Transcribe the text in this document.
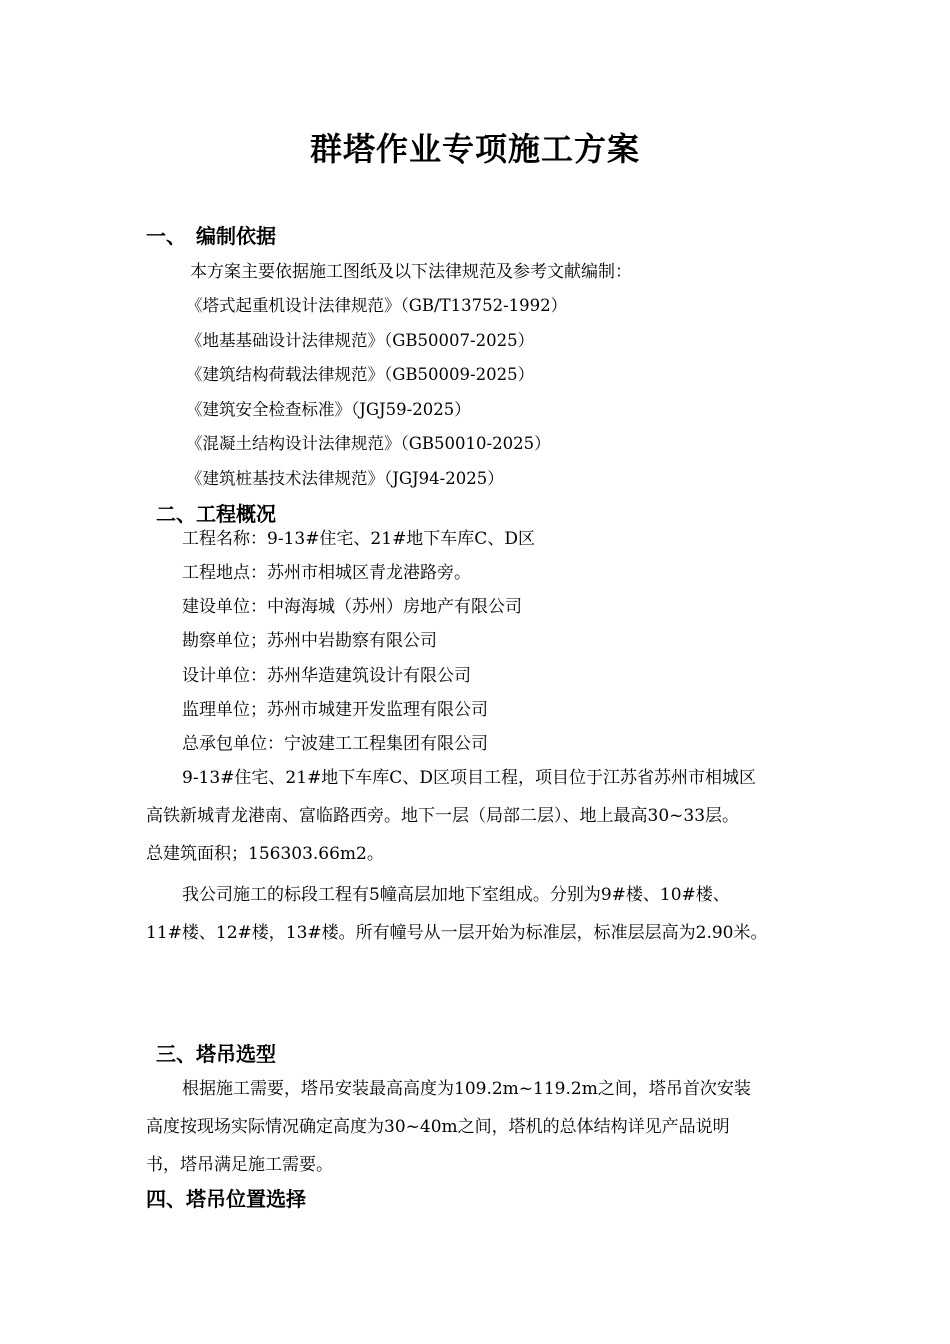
群塔作业专项施工方案
一、　编制依据
本方案主要依据施工图纸及以下法律规范及参考文献编制：
《塔式起重机设计法律规范》（GB/T13752-1992）
《地基基础设计法律规范》（GB50007-2025）
《建筑结构荷载法律规范》（GB50009-2025）
《建筑安全检查标准》（JGJ59-2025）
《混凝土结构设计法律规范》（GB50010-2025）
《建筑桩基技术法律规范》（JGJ94-2025）
二、工程概况
工程名称：9-13#住宅、21#地下车库C、D区
工程地点：苏州市相城区青龙港路旁。
建设单位：中海海城（苏州）房地产有限公司
勘察单位；苏州中岩勘察有限公司
设计单位：苏州华造建筑设计有限公司
监理单位；苏州市城建开发监理有限公司
总承包单位：宁波建工工程集团有限公司
9-13#住宅、21#地下车库C、D区项目工程，项目位于江苏省苏州市相城区
高铁新城青龙港南、富临路西旁。地下一层（局部二层）、地上最高30~33层。
总建筑面积；156303.66m2。
我公司施工的标段工程有5幢高层加地下室组成。分别为9#楼、10#楼、
11#楼、12#楼，13#楼。所有幢号从一层开始为标准层，标准层层高为2.90米。
三、塔吊选型
根据施工需要，塔吊安装最高高度为109.2m~119.2m之间，塔吊首次安装
高度按现场实际情况确定高度为30~40m之间，塔机的总体结构详见产品说明
书，塔吊满足施工需要。
四、塔吊位置选择
